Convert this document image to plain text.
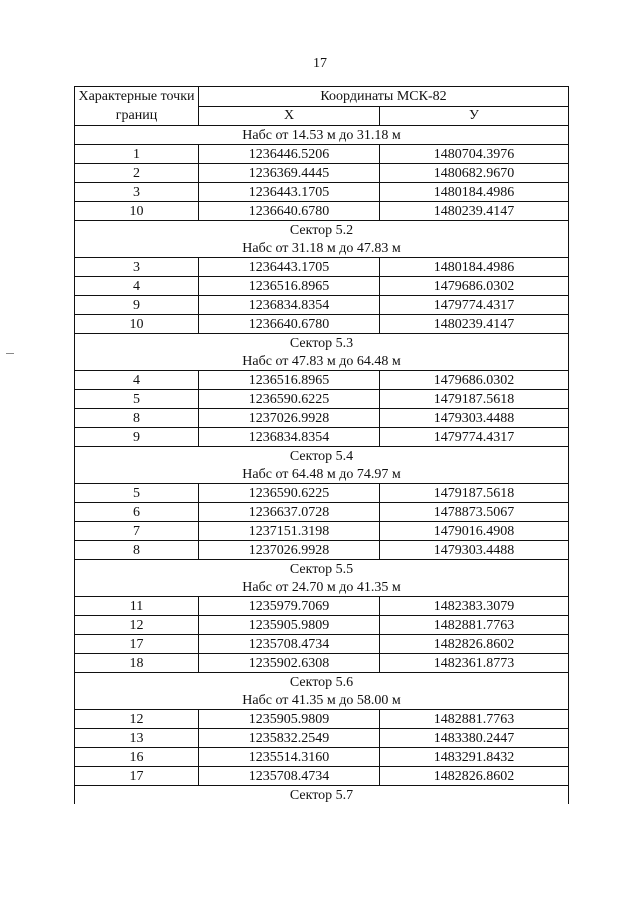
17
Характерные точки границ	Координаты МСК-82	
	X	У
Набс от 14.53 м до 31.18 м		
1	1236446.5206	1480704.3976
2	1236369.4445	1480682.9670
3	1236443.1705	1480184.4986
10	1236640.6780	1480239.4147
Сектор 5.2		
Набс от 31.18 м до 47.83 м		
3	1236443.1705	1480184.4986
4	1236516.8965	1479686.0302
9	1236834.8354	1479774.4317
10	1236640.6780	1480239.4147
Сектор 5.3		
Набс от 47.83 м до 64.48 м		
4	1236516.8965	1479686.0302
5	1236590.6225	1479187.5618
8	1237026.9928	1479303.4488
9	1236834.8354	1479774.4317
Сектор 5.4		
Набс от 64.48 м до 74.97 м		
5	1236590.6225	1479187.5618
6	1236637.0728	1478873.5067
7	1237151.3198	1479016.4908
8	1237026.9928	1479303.4488
Сектор 5.5		
Набс от 24.70 м до 41.35 м		
11	1235979.7069	1482383.3079
12	1235905.9809	1482881.7763
17	1235708.4734	1482826.8602
18	1235902.6308	1482361.8773
Сектор 5.6		
Набс от 41.35 м до 58.00 м		
12	1235905.9809	1482881.7763
13	1235832.2549	1483380.2447
16	1235514.3160	1483291.8432
17	1235708.4734	1482826.8602
Сектор 5.7		
